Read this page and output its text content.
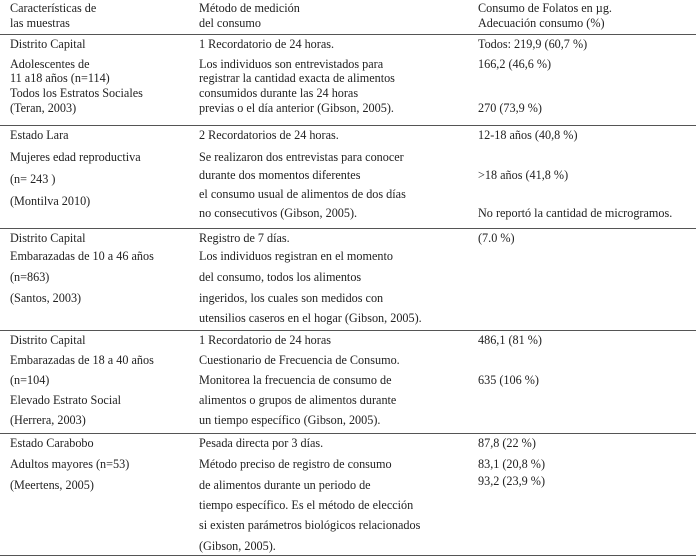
Características de
las muestras
Método de medición
del consumo
Consumo de Folatos en µg.
Adecuación consumo (%)
Distrito Capital
Adolescentes de
11 a18 años (n=114)
Todos los Estratos Sociales
(Teran, 2003)
1 Recordatorio de 24 horas.
Los individuos son entrevistados para
registrar la cantidad exacta de alimentos
consumidos durante las 24 horas
previas o el día anterior (Gibson, 2005).
Todos: 219,9 (60,7 %)
166,2 (46,6 %)
270 (73,9 %)
Estado Lara
Mujeres edad reproductiva
(n= 243 )
(Montilva 2010)
2 Recordatorios de 24 horas.
Se realizaron dos entrevistas para conocer
durante dos momentos diferentes
el consumo usual de alimentos de dos días
no consecutivos (Gibson, 2005).
12-18 años (40,8 %)
>18 años (41,8 %)
No reportó la cantidad de microgramos.
Distrito Capital
Embarazadas de 10 a 46 años
(n=863)
(Santos, 2003)
Registro de 7 días.
Los individuos registran en el momento
del consumo, todos los alimentos
ingeridos, los cuales son medidos con
utensilios caseros en el hogar (Gibson, 2005).
(7.0 %)
Distrito Capital
Embarazadas de 18 a 40 años
(n=104)
Elevado Estrato Social
(Herrera, 2003)
1 Recordatorio de 24 horas
Cuestionario de Frecuencia de Consumo.
Monitorea la frecuencia de consumo de
alimentos o grupos de alimentos durante
un tiempo específico (Gibson, 2005).
486,1 (81 %)
635 (106 %)
Estado Carabobo
Adultos mayores (n=53)
(Meertens, 2005)
Pesada directa por 3 días.
Método preciso de registro de consumo
de alimentos durante un periodo de
tiempo específico. Es el método de elección
si existen parámetros biológicos relacionados
(Gibson, 2005).
87,8 (22 %)
83,1 (20,8 %)
93,2 (23,9 %)
